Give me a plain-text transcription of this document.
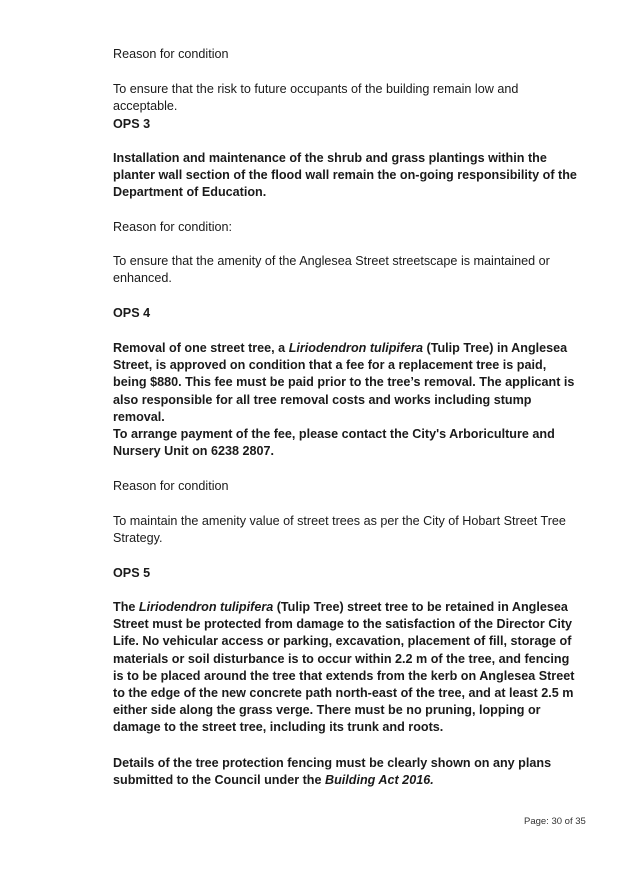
Reason for condition

To ensure that the risk to future occupants of the building remain low and acceptable.

OPS 3

Installation and maintenance of the shrub and grass plantings within the planter wall section of the flood wall remain the on-going responsibility of the Department of Education.

Reason for condition:

To ensure that the amenity of the Anglesea Street streetscape is maintained or enhanced.

OPS 4

Removal of one street tree, a Liriodendron tulipifera (Tulip Tree) in Anglesea Street, is approved on condition that a fee for a replacement tree is paid, being $880. This fee must be paid prior to the tree’s removal. The applicant is also responsible for all tree removal costs and works including stump removal.

To arrange payment of the fee, please contact the City's Arboriculture and Nursery Unit on 6238 2807.

Reason for condition

To maintain the amenity value of street trees as per the City of Hobart Street Tree Strategy.

OPS 5

The Liriodendron tulipifera (Tulip Tree) street tree to be retained in Anglesea Street must be protected from damage to the satisfaction of the Director City Life. No vehicular access or parking, excavation, placement of fill, storage of materials or soil disturbance is to occur within 2.2 m of the tree, and fencing is to be placed around the tree that extends from the kerb on Anglesea Street to the edge of the new concrete path north-east of the tree, and at least 2.5 m either side along the grass verge. There must be no pruning, lopping or damage to the street tree, including its trunk and roots.

Details of the tree protection fencing must be clearly shown on any plans submitted to the Council under the Building Act 2016.

Page: 30 of 35
